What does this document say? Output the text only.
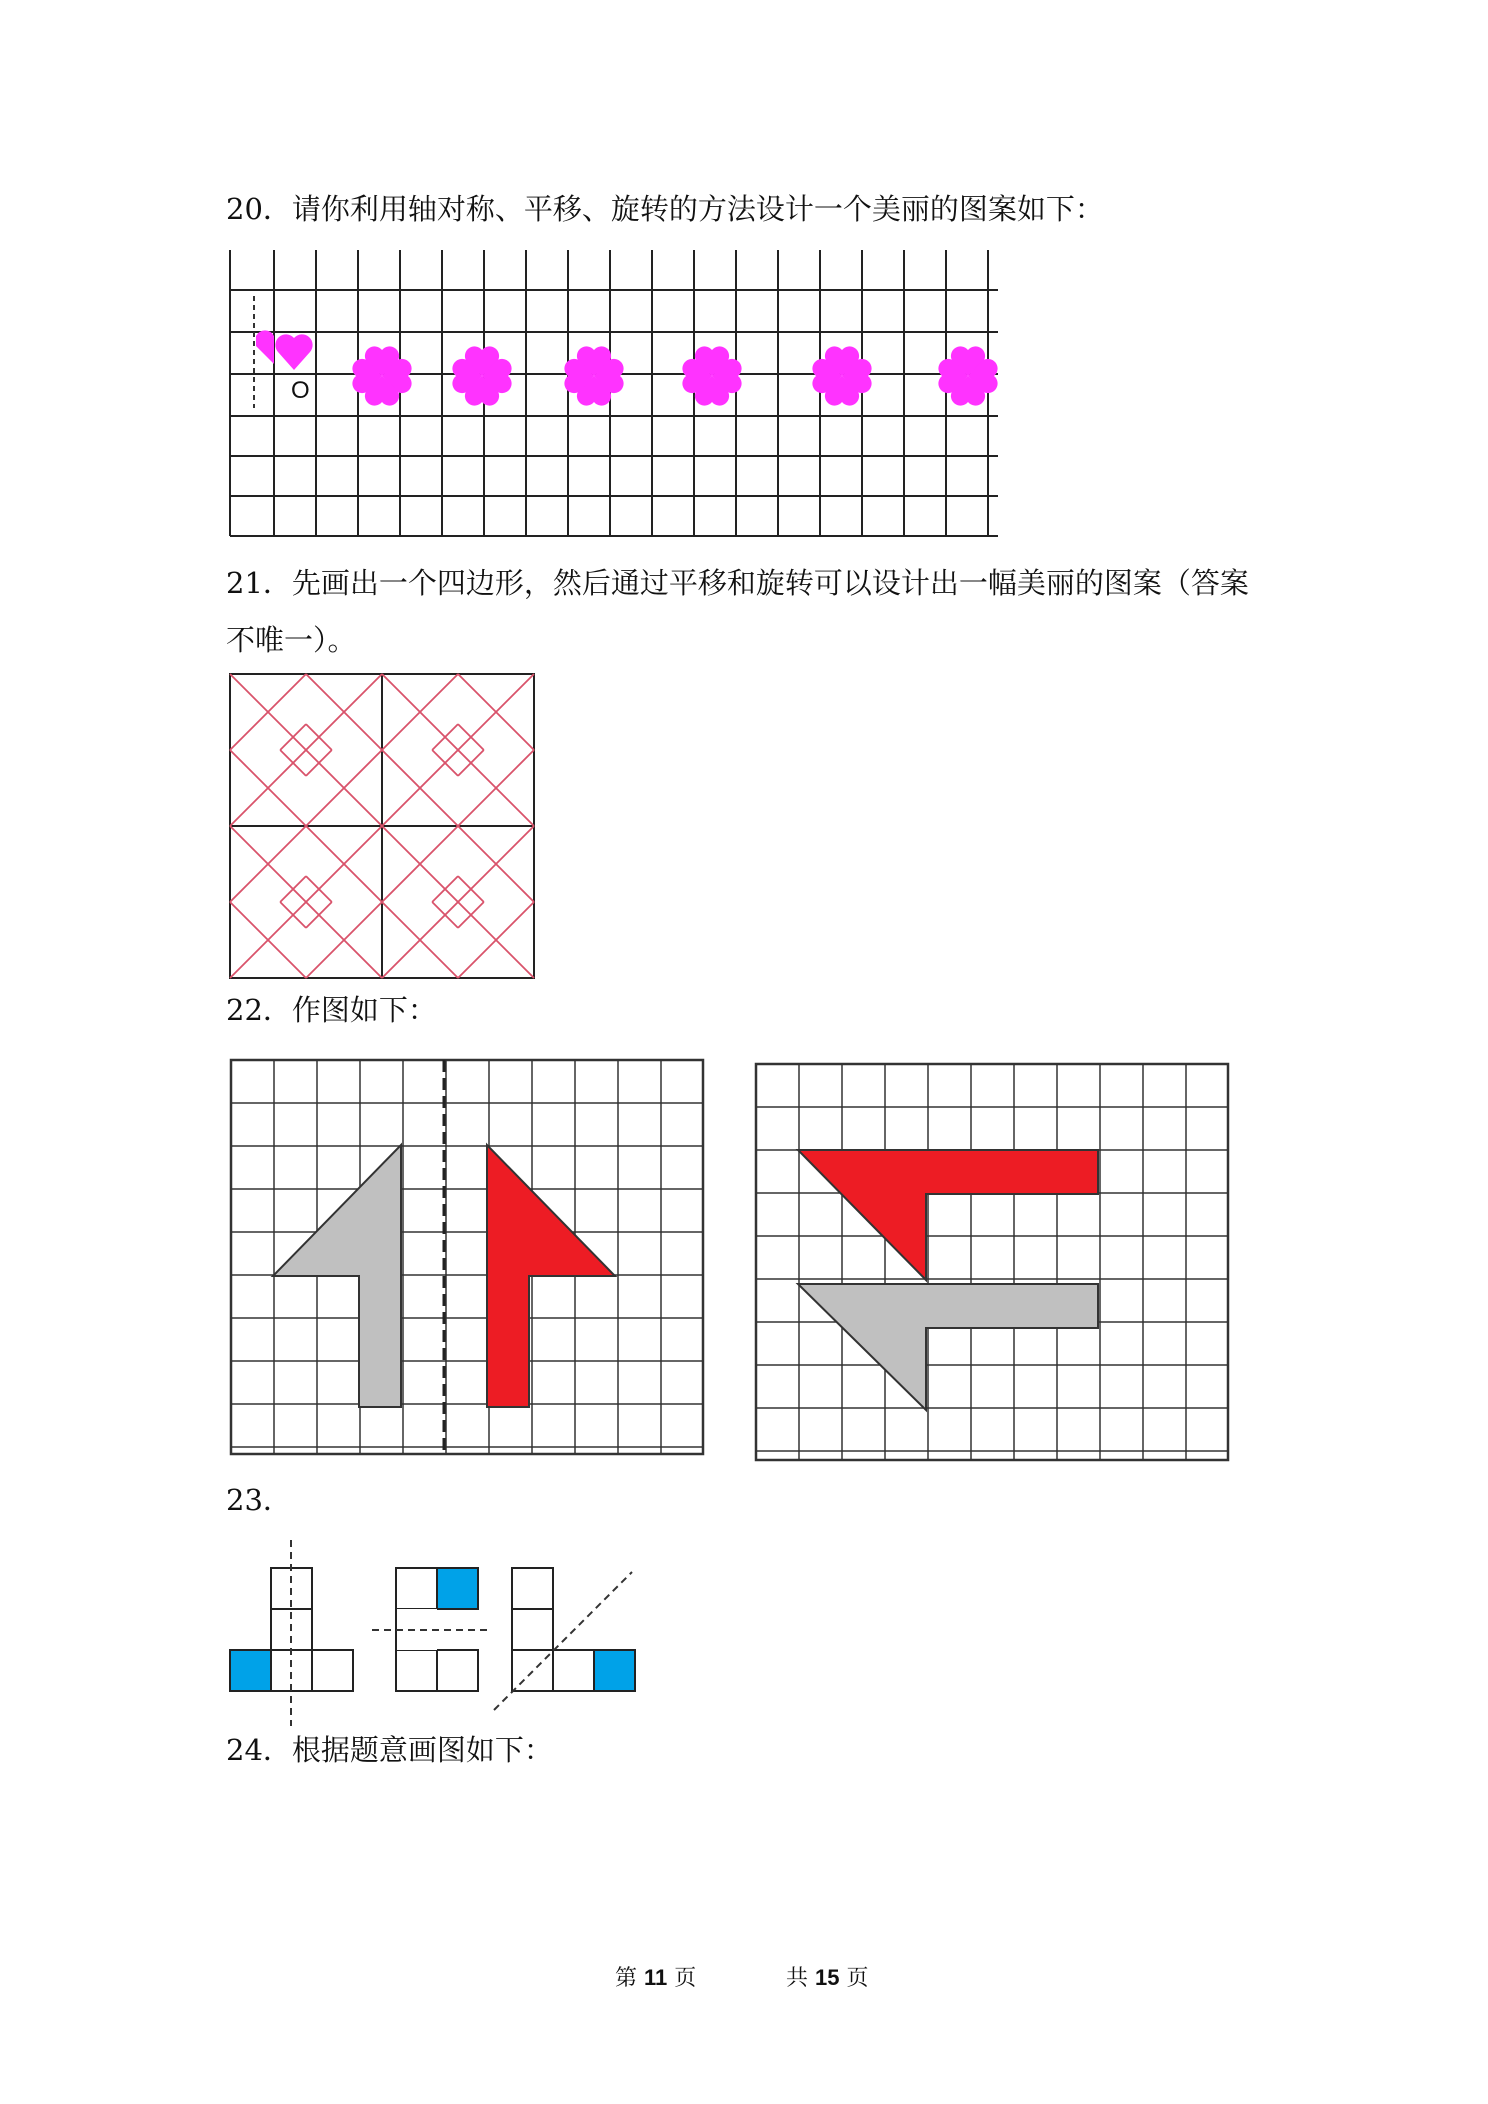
20．请你利用轴对称、平移、旋转的方法设计一个美丽的图案如下：

O

21．先画出一个四边形，然后通过平移和旋转可以设计出一幅美丽的图案（答案

不唯一）。

22．作图如下：

23．

24．根据题意画图如下：

第 11 页	共 15 页
